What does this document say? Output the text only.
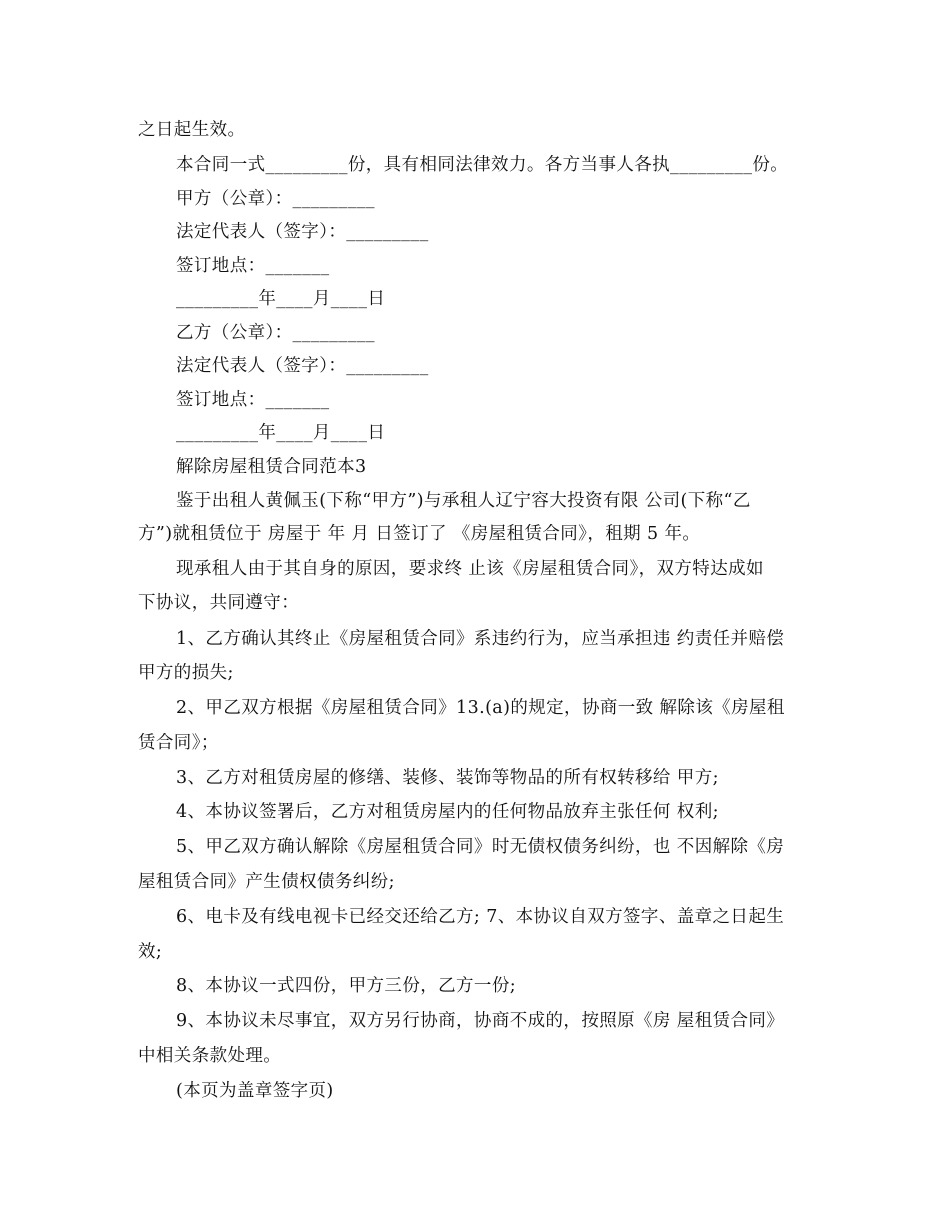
之日起生效。
本合同一式_________份，具有相同法律效力。各方当事人各执_________份。
甲方（公章）：_________
法定代表人（签字）：_________
签订地点：_______
_________年____月____日
乙方（公章）：_________
法定代表人（签字）：_________
签订地点：_______
_________年____月____日
解除房屋租赁合同范本3
鉴于出租人黄佩玉(下称“甲方”)与承租人辽宁容大投资有限 公司(下称“乙
方”)就租赁位于 房屋于 年 月 日签订了 《房屋租赁合同》，租期 5 年。
现承租人由于其自身的原因，要求终 止该《房屋租赁合同》，双方特达成如
下协议，共同遵守：
1、乙方确认其终止《房屋租赁合同》系违约行为，应当承担违 约责任并赔偿
甲方的损失;
2、甲乙双方根据《房屋租赁合同》13.(a)的规定，协商一致 解除该《房屋租
赁合同》；
3、乙方对租赁房屋的修缮、装修、装饰等物品的所有权转移给 甲方;
4、本协议签署后，乙方对租赁房屋内的任何物品放弃主张任何 权利;
5、甲乙双方确认解除《房屋租赁合同》时无债权债务纠纷，也 不因解除《房
屋租赁合同》产生债权债务纠纷;
6、电卡及有线电视卡已经交还给乙方; 7、本协议自双方签字、盖章之日起生
效;
8、本协议一式四份，甲方三份，乙方一份;
9、本协议未尽事宜，双方另行协商，协商不成的，按照原《房 屋租赁合同》
中相关条款处理。
(本页为盖章签字页)
